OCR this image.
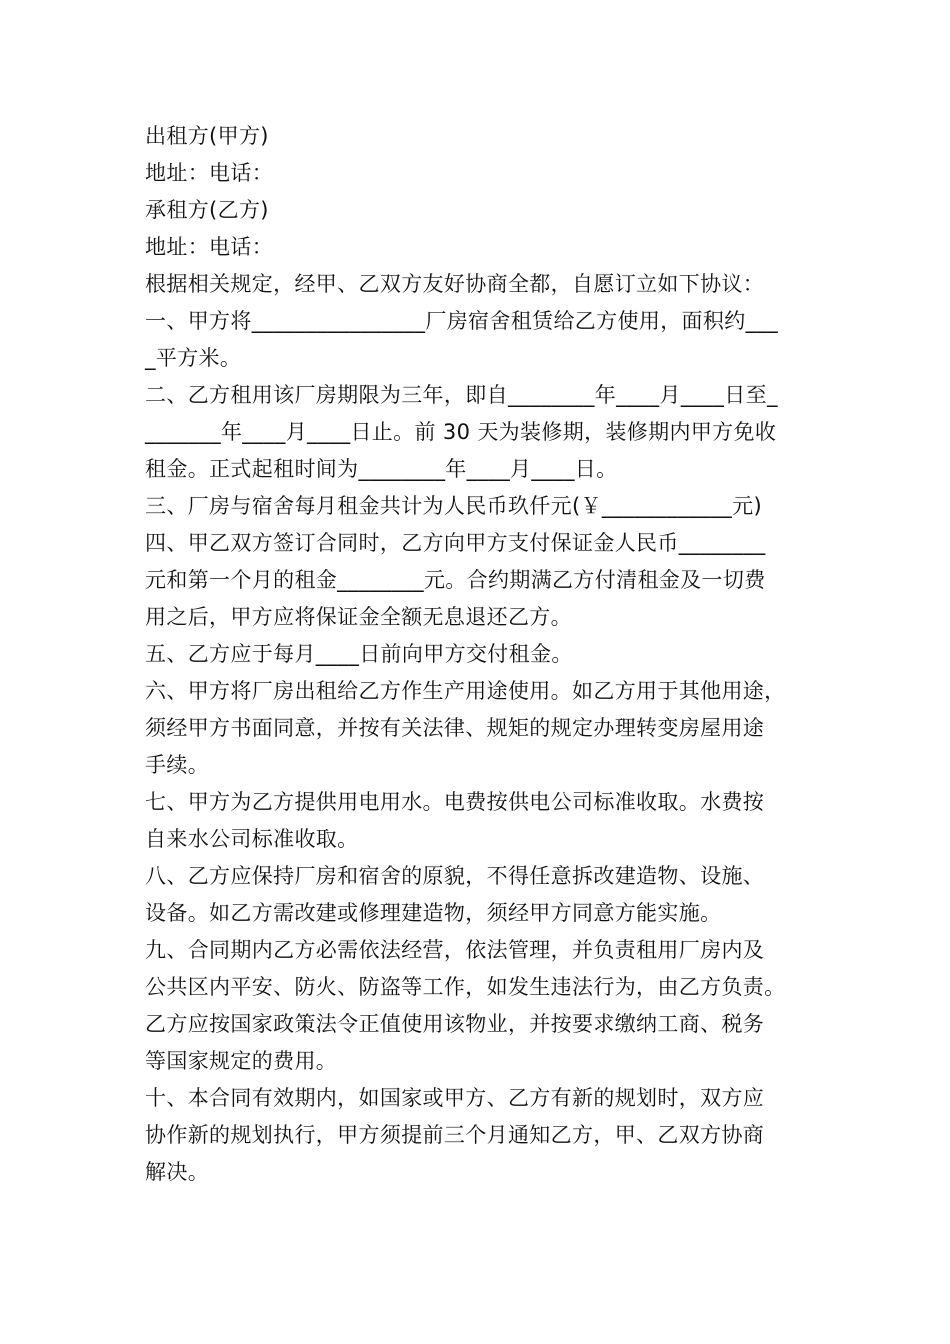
出租方(甲方)
地址：电话：
承租方(乙方)
地址：电话：
根据相关规定，经甲、乙双方友好协商全都，自愿订立如下协议：
一、甲方将________________厂房宿舍租赁给乙方使用，面积约___
_平方米。
二、乙方租用该厂房期限为三年，即自________年____月____日至_
_______年____月____日止。前 30 天为装修期，装修期内甲方免收
租金。正式起租时间为________年____月____日。
三、厂房与宿舍每月租金共计为人民币玖仟元(￥____________元)
四、甲乙双方签订合同时，乙方向甲方支付保证金人民币________
元和第一个月的租金________元。合约期满乙方付清租金及一切费
用之后，甲方应将保证金全额无息退还乙方。
五、乙方应于每月____日前向甲方交付租金。
六、甲方将厂房出租给乙方作生产用途使用。如乙方用于其他用途，
须经甲方书面同意，并按有关法律、规矩的规定办理转变房屋用途
手续。
七、甲方为乙方提供用电用水。电费按供电公司标准收取。水费按
自来水公司标准收取。
八、乙方应保持厂房和宿舍的原貌，不得任意拆改建造物、设施、
设备。如乙方需改建或修理建造物，须经甲方同意方能实施。
九、合同期内乙方必需依法经营，依法管理，并负责租用厂房内及
公共区内平安、防火、防盗等工作，如发生违法行为，由乙方负责。
乙方应按国家政策法令正值使用该物业，并按要求缴纳工商、税务
等国家规定的费用。
十、本合同有效期内，如国家或甲方、乙方有新的规划时，双方应
协作新的规划执行，甲方须提前三个月通知乙方，甲、乙双方协商
解决。
